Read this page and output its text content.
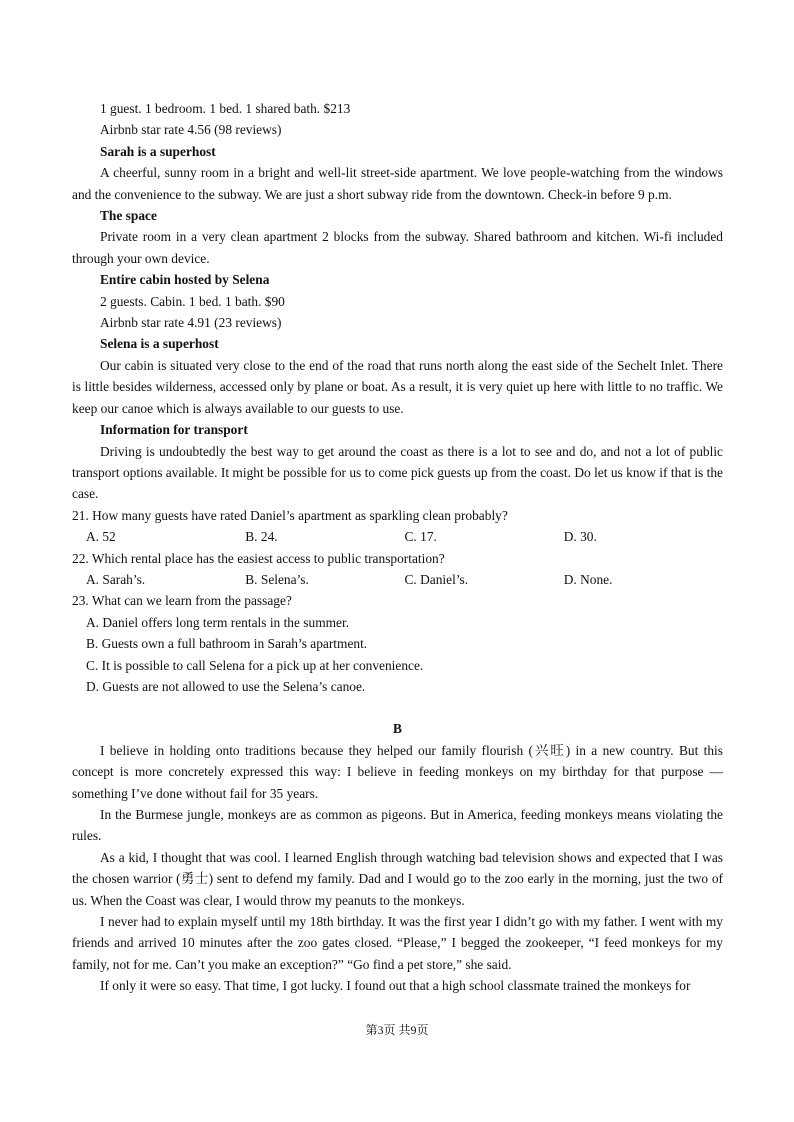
1 guest. 1 bedroom. 1 bed. 1 shared bath. $213

Airbnb star rate 4.56 (98 reviews)

Sarah is a superhost

A cheerful, sunny room in a bright and well-lit street-side apartment. We love people-watching from the windows and the convenience to the subway. We are just a short subway ride from the downtown. Check-in before 9 p.m.

The space

Private room in a very clean apartment 2 blocks from the subway. Shared bathroom and kitchen. Wi-fi included through your own device.

Entire cabin hosted by Selena

2 guests. Cabin. 1 bed. 1 bath. $90

Airbnb star rate 4.91 (23 reviews)

Selena is a superhost

Our cabin is situated very close to the end of the road that runs north along the east side of the Sechelt Inlet. There is little besides wilderness, accessed only by plane or boat. As a result, it is very quiet up here with little to no traffic. We keep our canoe which is always available to our guests to use.

Information for transport

Driving is undoubtedly the best way to get around the coast as there is a lot to see and do, and not a lot of public transport options available. It might be possible for us to come pick guests up from the coast. Do let us know if that is the case.

21. How many guests have rated Daniel’s apartment as sparkling clean probably?

A. 52	B. 24.	C. 17.	D. 30.

22. Which rental place has the easiest access to public transportation?

A. Sarah’s.	B. Selena’s.	C. Daniel’s.	D. None.

23. What can we learn from the passage?

A. Daniel offers long term rentals in the summer.

B. Guests own a full bathroom in Sarah’s apartment.

C. It is possible to call Selena for a pick up at her convenience.

D. Guests are not allowed to use the Selena’s canoe.

B

I believe in holding onto traditions because they helped our family flourish (兴旺) in a new country. But this concept is more concretely expressed this way: I believe in feeding monkeys on my birthday for that purpose — something I’ve done without fail for 35 years.

In the Burmese jungle, monkeys are as common as pigeons. But in America, feeding monkeys means violating the rules.

As a kid, I thought that was cool. I learned English through watching bad television shows and expected that I was the chosen warrior (勇士) sent to defend my family. Dad and I would go to the zoo early in the morning, just the two of us. When the Coast was clear, I would throw my peanuts to the monkeys.

I never had to explain myself until my 18th birthday. It was the first year I didn’t go with my father. I went with my friends and arrived 10 minutes after the zoo gates closed. “Please,” I begged the zookeeper, “I feed monkeys for my family, not for me. Can’t you make an exception?” “Go find a pet store,” she said.

If only it were so easy. That time, I got lucky. I found out that a high school classmate trained the monkeys for

第3页 共9页
